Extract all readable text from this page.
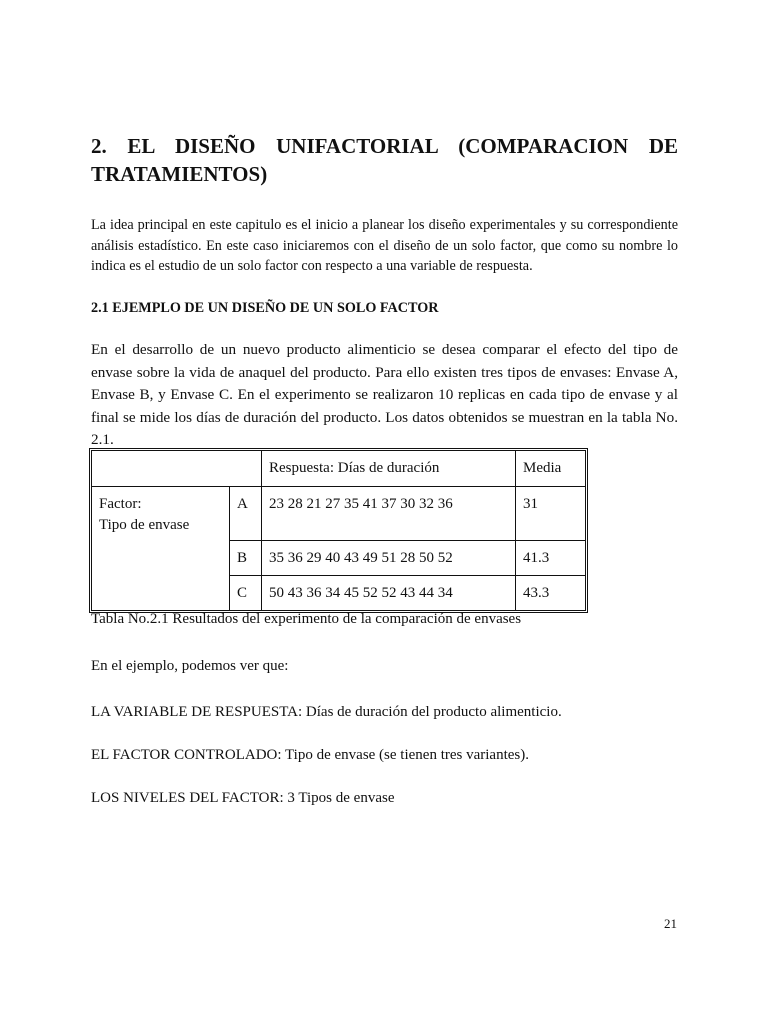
2. EL DISEÑO UNIFACTORIAL (COMPARACION DE TRATAMIENTOS)

La idea principal en este capitulo es el inicio a planear los diseño experimentales y su correspondiente análisis estadístico. En este caso iniciaremos con el diseño de un solo factor, que como su nombre lo indica es el estudio de un solo factor con respecto a una variable de respuesta.

2.1 EJEMPLO DE UN DISEÑO DE UN SOLO FACTOR

En el desarrollo de un nuevo producto alimenticio se desea comparar el efecto del tipo de envase sobre la vida de anaquel del producto. Para ello existen tres tipos de envases: Envase A, Envase B, y Envase C. En el experimento se realizaron 10 replicas en cada tipo de envase y al final se mide los días de duración del producto. Los datos obtenidos se muestran en la tabla No. 2.1.

		Respuesta: Días de duración	Media

Factor:
Tipo de envase	A	23 28 21 27 35 41 37 30 32 36	31
	B	35 36 29 40 43 49 51 28 50 52	41.3
	C	50 43 36 34 45 52 52 43 44 34	43.3

Tabla No.2.1 Resultados del experimento de la comparación de envases

En el ejemplo, podemos ver que:

LA VARIABLE DE RESPUESTA: Días de duración del producto alimenticio.

EL FACTOR CONTROLADO: Tipo de envase (se tienen tres variantes).

LOS NIVELES DEL FACTOR: 3 Tipos de envase

21
